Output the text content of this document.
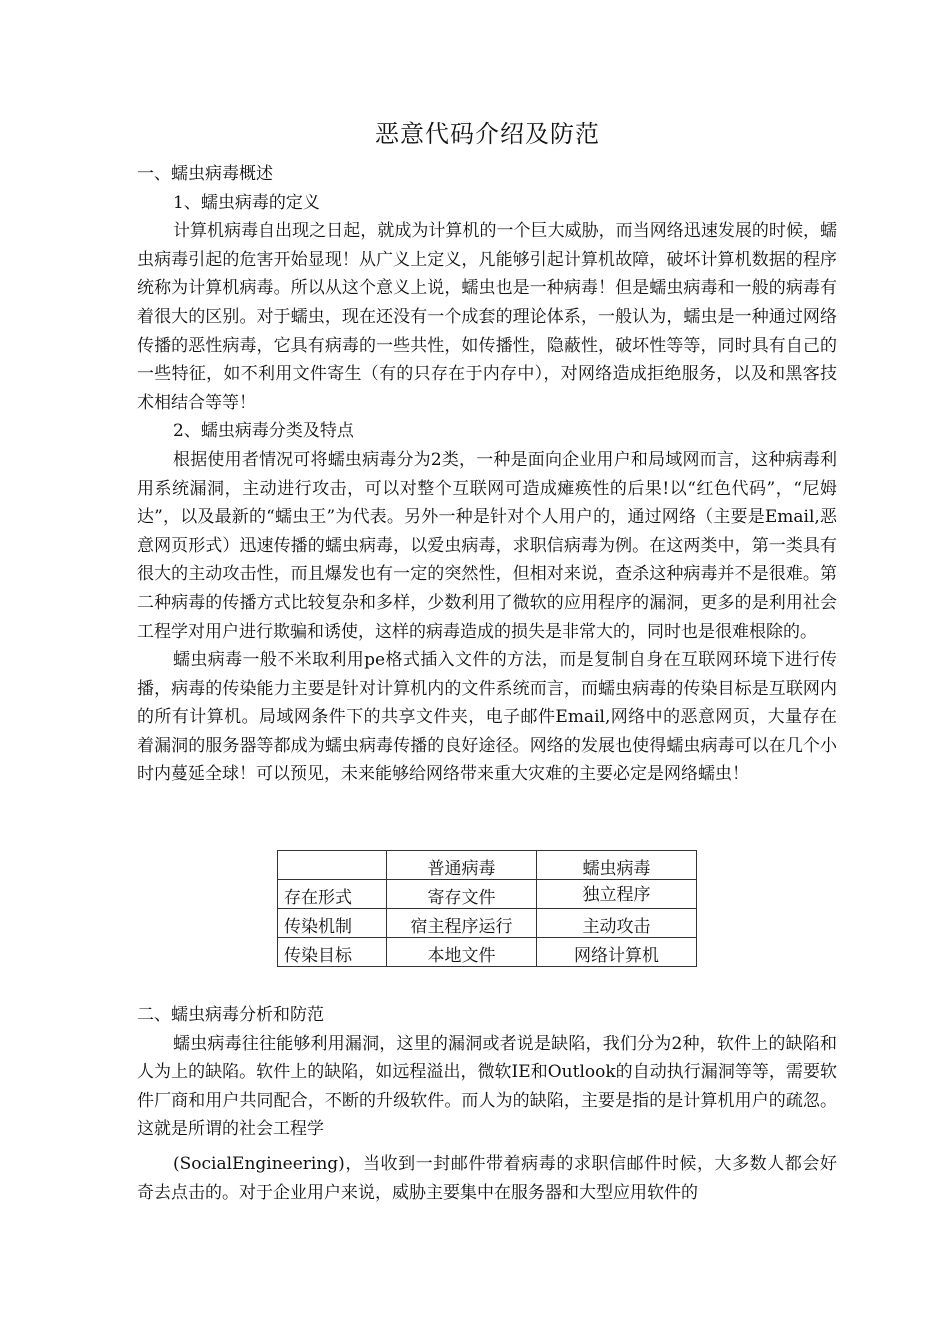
恶意代码介绍及防范

一、蠕虫病毒概述

1、蠕虫病毒的定义

计算机病毒自出现之日起，就成为计算机的一个巨大威胁，而当网络迅速发展的时候，蠕虫病毒引起的危害开始显现！从广义上定义，凡能够引起计算机故障，破坏计算机数据的程序统称为计算机病毒。所以从这个意义上说，蠕虫也是一种病毒！但是蠕虫病毒和一般的病毒有着很大的区别。对于蠕虫，现在还没有一个成套的理论体系，一般认为，蠕虫是一种通过网络传播的恶性病毒，它具有病毒的一些共性，如传播性，隐蔽性，破坏性等等，同时具有自己的一些特征，如不利用文件寄生（有的只存在于内存中），对网络造成拒绝服务，以及和黑客技术相结合等等！

2、蠕虫病毒分类及特点

根据使用者情况可将蠕虫病毒分为2类，一种是面向企业用户和局域网而言，这种病毒利用系统漏洞，主动进行攻击，可以对整个互联网可造成瘫痪性的后果!以“红色代码”，“尼姆达”，以及最新的“蠕虫王”为代表。另外一种是针对个人用户的，通过网络（主要是Email,恶意网页形式）迅速传播的蠕虫病毒，以爱虫病毒，求职信病毒为例。在这两类中，第一类具有很大的主动攻击性，而且爆发也有一定的突然性，但相对来说，查杀这种病毒并不是很难。第二种病毒的传播方式比较复杂和多样，少数利用了微软的应用程序的漏洞，更多的是利用社会工程学对用户进行欺骗和诱使，这样的病毒造成的损失是非常大的，同时也是很难根除的。

蠕虫病毒一般不米取利用pe格式插入文件的方法，而是复制自身在互联网环境下进行传播，病毒的传染能力主要是针对计算机内的文件系统而言，而蠕虫病毒的传染目标是互联网内的所有计算机。局域网条件下的共享文件夹，电子邮件Email,网络中的恶意网页，大量存在着漏洞的服务器等都成为蠕虫病毒传播的良好途径。网络的发展也使得蠕虫病毒可以在几个小时内蔓延全球！可以预见，未来能够给网络带来重大灾难的主要必定是网络蠕虫！

	普通病毒	蠕虫病毒
存在形式	寄存文件	独立程序
传染机制	宿主程序运行	主动攻击
传染目标	本地文件	网络计算机

二、蠕虫病毒分析和防范

蠕虫病毒往往能够利用漏洞，这里的漏洞或者说是缺陷，我们分为2种，软件上的缺陷和人为上的缺陷。软件上的缺陷，如远程溢出，微软IE和Outlook的自动执行漏洞等等，需要软件厂商和用户共同配合，不断的升级软件。而人为的缺陷，主要是指的是计算机用户的疏忽。这就是所谓的社会工程学

(SocialEngineering)，当收到一封邮件带着病毒的求职信邮件时候，大多数人都会好奇去点击的。对于企业用户来说，威胁主要集中在服务器和大型应用软件的
